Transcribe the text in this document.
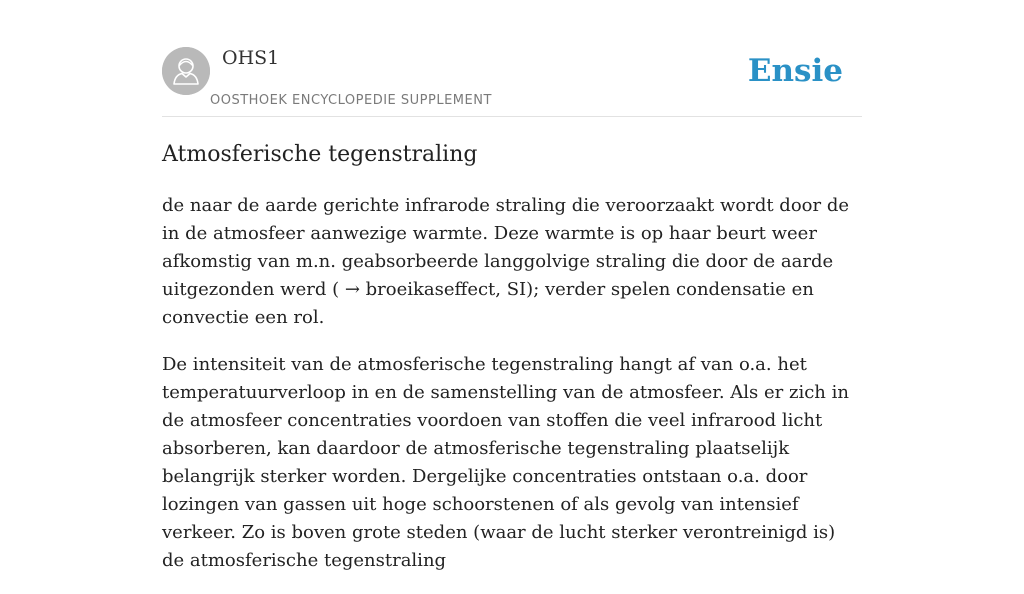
OHS1
OOSTHOEK ENCYCLOPEDIE SUPPLEMENT
Ensie
Atmosferische tegenstraling

de naar de aarde gerichte infrarode straling die veroorzaakt wordt door de in de atmosfeer aanwezige warmte. Deze warmte is op haar beurt weer afkomstig van m.n. geabsorbeerde langgolvige straling die door de aarde uitgezonden werd ( → broeikaseffect, SI); verder spelen condensatie en convectie een rol.

De intensiteit van de atmosferische tegenstraling hangt af van o.a. het temperatuurverloop in en de samenstelling van de atmosfeer. Als er zich in de atmosfeer concentraties voordoen van stoffen die veel infrarood licht absorberen, kan daardoor de atmosferische tegenstraling plaatselijk belangrijk sterker worden. Dergelijke concentraties ontstaan o.a. door lozingen van gassen uit hoge schoorstenen of als gevolg van intensief verkeer. Zo is boven grote steden (waar de lucht sterker verontreinigd is) de atmosferische tegenstraling
